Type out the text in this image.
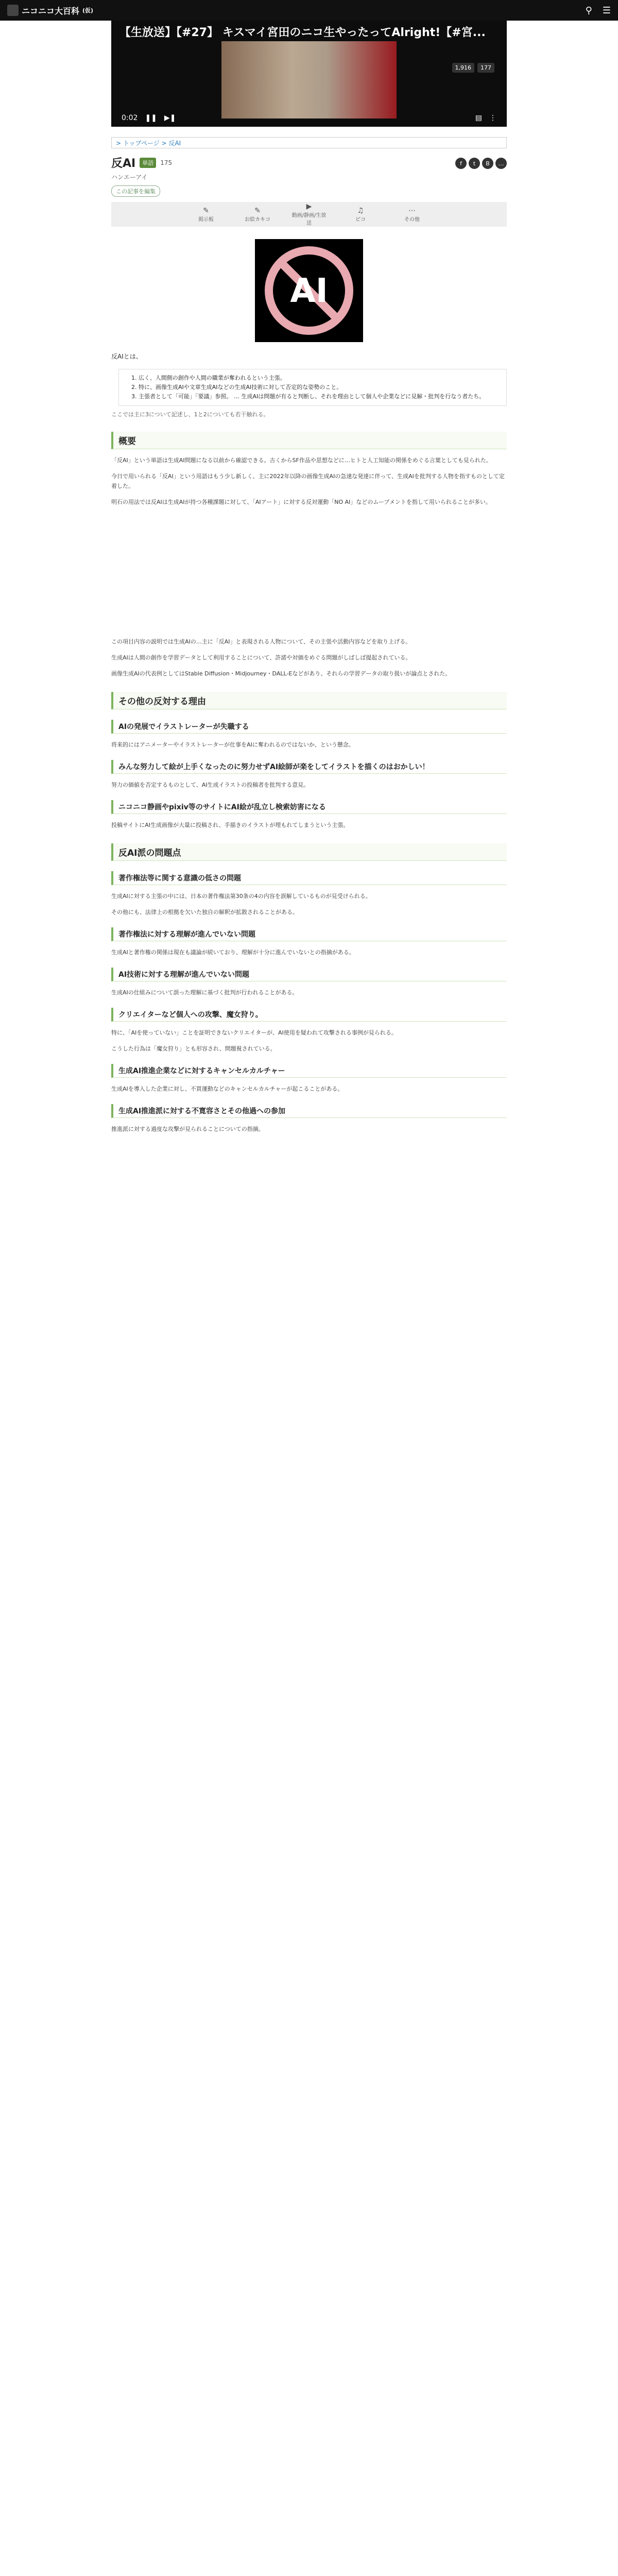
ニコニコ大百科 (仮)	⚲ ☰
【生放送】【#27】 キスマイ宮田のニコ生やったってAlright!【#宮...
1,916	177
0:02 ❚❚ ▶❚	▤ ⋮
> トップページ > 反AI
f	t	B	…
反AI	単語	175
ハンエーアイ
この記事を編集
✎
掲示板
✎
お絵カキコ
▶
動画/静画/生放送
♫
ピコ
⋯
その他
AI
反AIとは、
1. 広く、人間側の創作や人間の職業が奪われるという主張。
2. 特に、画像生成AIや文章生成AIなどの生成AI技術に対して否定的な姿勢のこと。
3. 主張者として「可能」「要議」参照。 … 生成AIは問題が有ると判断し、それを理由として個人や企業などに見解・批判を行なう者たち。
ここでは主に3について記述し、1と2についても若干触れる。
概要
「反AI」という単語は生成AI問題になる以前から確認できる。古くからSF作品や思想などに…ヒトと人工知能の関係をめぐる言葉としても見られた。
今日で用いられる「反AI」という用語はもう少し新しく、主に2022年以降の画像生成AIの急速な発達に伴って、生成AIを批判する人物を指すものとして定着した。
明石の用法では反AIは生成AIが持つ各種課題に対して、「AIアート」に対する反対運動「NO AI」などのムーブメントを指して用いられることが多い。
この項目内容の説明では生成AIの…主に「反AI」と表現される人物について、その主張や活動内容などを取り上げる。
生成AIは人間の創作を学習データとして利用することについて、許諾や対価をめぐる問題がしばしば提起されている。
画像生成AIの代表例としてはStable Diffusion・Midjourney・DALL-Eなどがあり、それらの学習データの取り扱いが論点とされた。
その他の反対する理由
AIの発展でイラストレーターが失職する
将来的にはアニメーターやイラストレーターが仕事をAIに奪われるのではないか、という懸念。
みんな努力して絵が上手くなったのに努力せずAI絵師が楽をしてイラストを描くのはおかしい！
努力の価値を否定するものとして、AI生成イラストの投稿者を批判する意見。
ニコニコ静画やpixiv等のサイトにAI絵が乱立し検索妨害になる
投稿サイトにAI生成画像が大量に投稿され、手描きのイラストが埋もれてしまうという主張。
反AI派の問題点
著作権法等に関する意識の低さの問題
生成AIに対する主張の中には、日本の著作権法第30条の4の内容を誤解しているものが見受けられる。
その他にも、法律上の根拠を欠いた独自の解釈が拡散されることがある。
著作権法に対する理解が進んでいない問題
生成AIと著作権の関係は現在も議論が続いており、理解が十分に進んでいないとの指摘がある。
AI技術に対する理解が進んでいない問題
生成AIの仕組みについて誤った理解に基づく批判が行われることがある。
クリエイターなど個人への攻撃、魔女狩り。
特に、「AIを使っていない」ことを証明できないクリエイターが、AI使用を疑われて攻撃される事例が見られる。
こうした行為は「魔女狩り」とも形容され、問題視されている。
生成AI推進企業などに対するキャンセルカルチャー
生成AIを導入した企業に対し、不買運動などのキャンセルカルチャーが起こることがある。
生成AI推進派に対する不寛容さとその他過への参加
推進派に対する過度な攻撃が見られることについての指摘。
